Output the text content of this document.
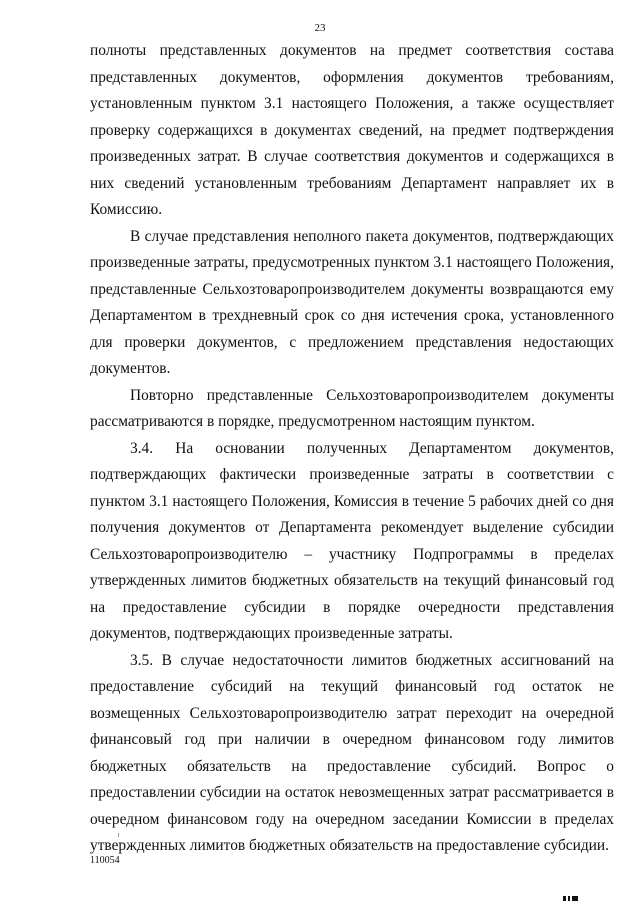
23

полноты представленных документов на предмет соответствия состава представленных документов, оформления документов требованиям, установленным пунктом 3.1 настоящего Положения, а также осуществляет проверку содержащихся в документах сведений, на предмет подтверждения произведенных затрат. В случае соответствия документов и содержащихся в них сведений установленным требованиям Департамент направляет их в Комиссию.

В случае представления неполного пакета документов, подтверждающих произведенные затраты, предусмотренных пунктом 3.1 настоящего Положения, представленные Сельхозтоваропроизводителем документы возвращаются ему Департаментом в трехдневный срок со дня истечения срока, установленного для проверки документов, с предложением представления недостающих документов.

Повторно представленные Сельхозтоваропроизводителем документы рассматриваются в порядке, предусмотренном настоящим пунктом.

3.4. На основании полученных Департаментом документов, подтверждающих фактически произведенные затраты в соответствии с пунктом 3.1 настоящего Положения, Комиссия в течение 5 рабочих дней со дня получения документов от Департамента рекомендует выделение субсидии Сельхозтоваропроизводителю – участнику Подпрограммы в пределах утвержденных лимитов бюджетных обязательств на текущий финансовый год на предоставление субсидии в порядке очередности представления документов, подтверждающих произведенные затраты.

3.5. В случае недостаточности лимитов бюджетных ассигнований на предоставление субсидий на текущий финансовый год остаток не возмещенных Сельхозтоваропроизводителю затрат переходит на очередной финансовый год при наличии в очередном финансовом году лимитов бюджетных обязательств на предоставление субсидий. Вопрос о предоставлении субсидии на остаток невозмещенных затрат рассматривается в очередном финансовом году на очередном заседании Комиссии в пределах утвержденных лимитов бюджетных обязательств на предоставление субсидии.

110054
